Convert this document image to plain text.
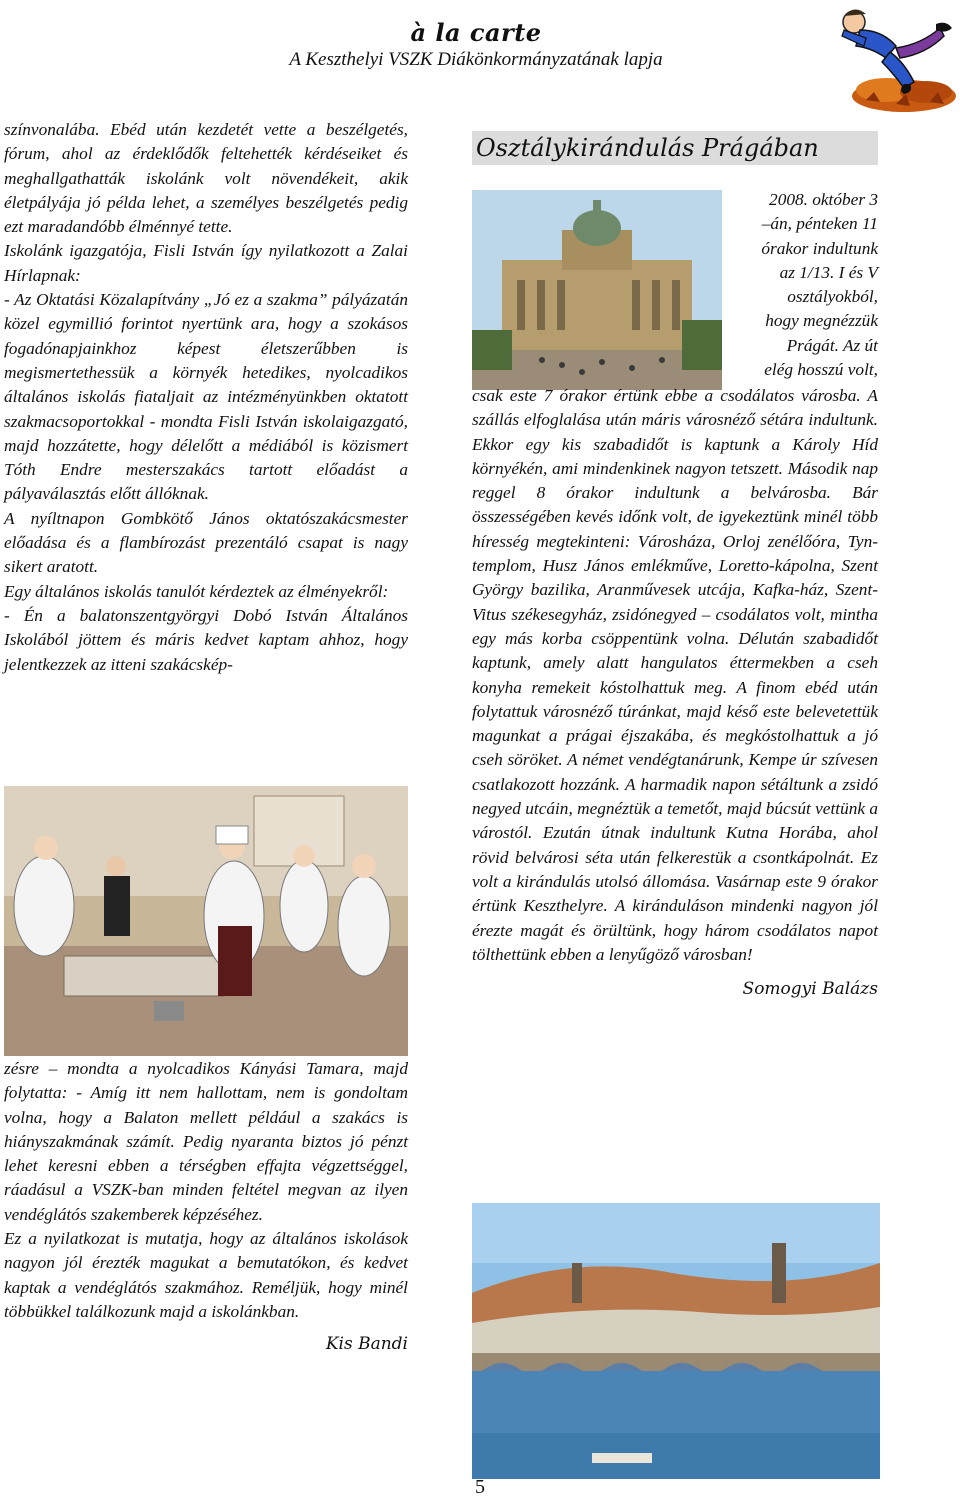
à la carte
A Keszthelyi VSZK Diákönkormányzatának lapja

színvonalába. Ebéd után kezdetét vette a beszélgetés, fórum, ahol az érdeklődők feltehették kérdéseiket és meghallgathatták iskolánk volt növendékeit, akik életpályája jó példa lehet, a személyes beszélgetés pedig ezt maradandóbb élménnyé tette.

Iskolánk igazgatója, Fisli István így nyilatkozott a Zalai Hírlapnak:

- Az Oktatási Közalapítvány „Jó ez a szakma” pályázatán közel egymillió forintot nyertünk ara, hogy a szokásos fogadónapjainkhoz képest életszerűbben is megismertethessük a környék hetedikes, nyolcadikos általános iskolás fiataljait az intézményünkben oktatott szakmacsoportokkal - mondta Fisli István iskolaigazgató, majd hozzátette, hogy délelőtt a médiából is közismert Tóth Endre mesterszakács tartott előadást a pályaválasztás előtt állóknak.

A nyíltnapon Gombkötő János oktatószakácsmester előadása és a flambírozást prezentáló csapat is nagy sikert aratott.

Egy általános iskolás tanulót kérdeztek az élményekről:

- Én a balatonszentgyörgyi Dobó István Általános Iskolából jöttem és máris kedvet kaptam ahhoz, hogy jelentkezzek az itteni szakácskép-

zésre – mondta a nyolcadikos Kányási Tamara, majd folytatta: - Amíg itt nem hallottam, nem is gondoltam volna, hogy a Balaton mellett például a szakács is hiányszakmának számít. Pedig nyaranta biztos jó pénzt lehet keresni ebben a térségben effajta végzettséggel, ráadásul a VSZK-ban minden feltétel megvan az ilyen vendéglátós szakemberek képzéséhez.

Ez a nyilatkozat is mutatja, hogy az általános iskolások nagyon jól érezték magukat a bemutatókon, és kedvet kaptak a vendéglátós szakmához. Reméljük, hogy minél többükkel találkozunk majd a iskolánkban.

Kis Bandi

Osztálykirándulás Prágában
2008. október 3
–án, pénteken 11
órakor indultunk
az 1/13. I és V
osztályokból,
hogy megnézzük
Prágát. Az út
elég hosszú volt,

csak este 7 órakor értünk ebbe a csodálatos városba. A szállás elfoglalása után máris városnéző sétára indultunk. Ekkor egy kis szabadidőt is kaptunk a Károly Híd környékén, ami mindenkinek nagyon tetszett. Második nap reggel 8 órakor indultunk a belvárosba. Bár összességében kevés időnk volt, de igyekeztünk minél több híresség megtekinteni: Városháza, Orloj zenélőóra, Tyn-templom, Husz János emlékműve, Loretto-kápolna, Szent György bazilika, Aranművesek utcája, Kafka-ház, Szent- Vitus székesegyház, zsidónegyed – csodálatos volt, mintha egy más korba csöppentünk volna. Délután szabadidőt kaptunk, amely alatt hangulatos éttermekben a cseh konyha remekeit kóstolhattuk meg. A finom ebéd után folytattuk városnéző túránkat, majd késő este belevetettük magunkat a prágai éjszakába, és megkóstolhattuk a jó cseh söröket. A német vendégtanárunk, Kempe úr szívesen csatlakozott hozzánk. A harmadik napon sétáltunk a zsidó negyed utcáin, megnéztük a temetőt, majd búcsút vettünk a várostól. Ezután útnak indultunk Kutna Horába, ahol rövid belvárosi séta után felkerestük a csontkápolnát. Ez volt a kirándulás utolsó állomása. Vasárnap este 9 órakor értünk Keszthelyre. A kiránduláson mindenki nagyon jól érezte magát és örültünk, hogy három csodálatos napot tölthettünk ebben a lenyűgöző városban!

Somogyi Balázs

5
